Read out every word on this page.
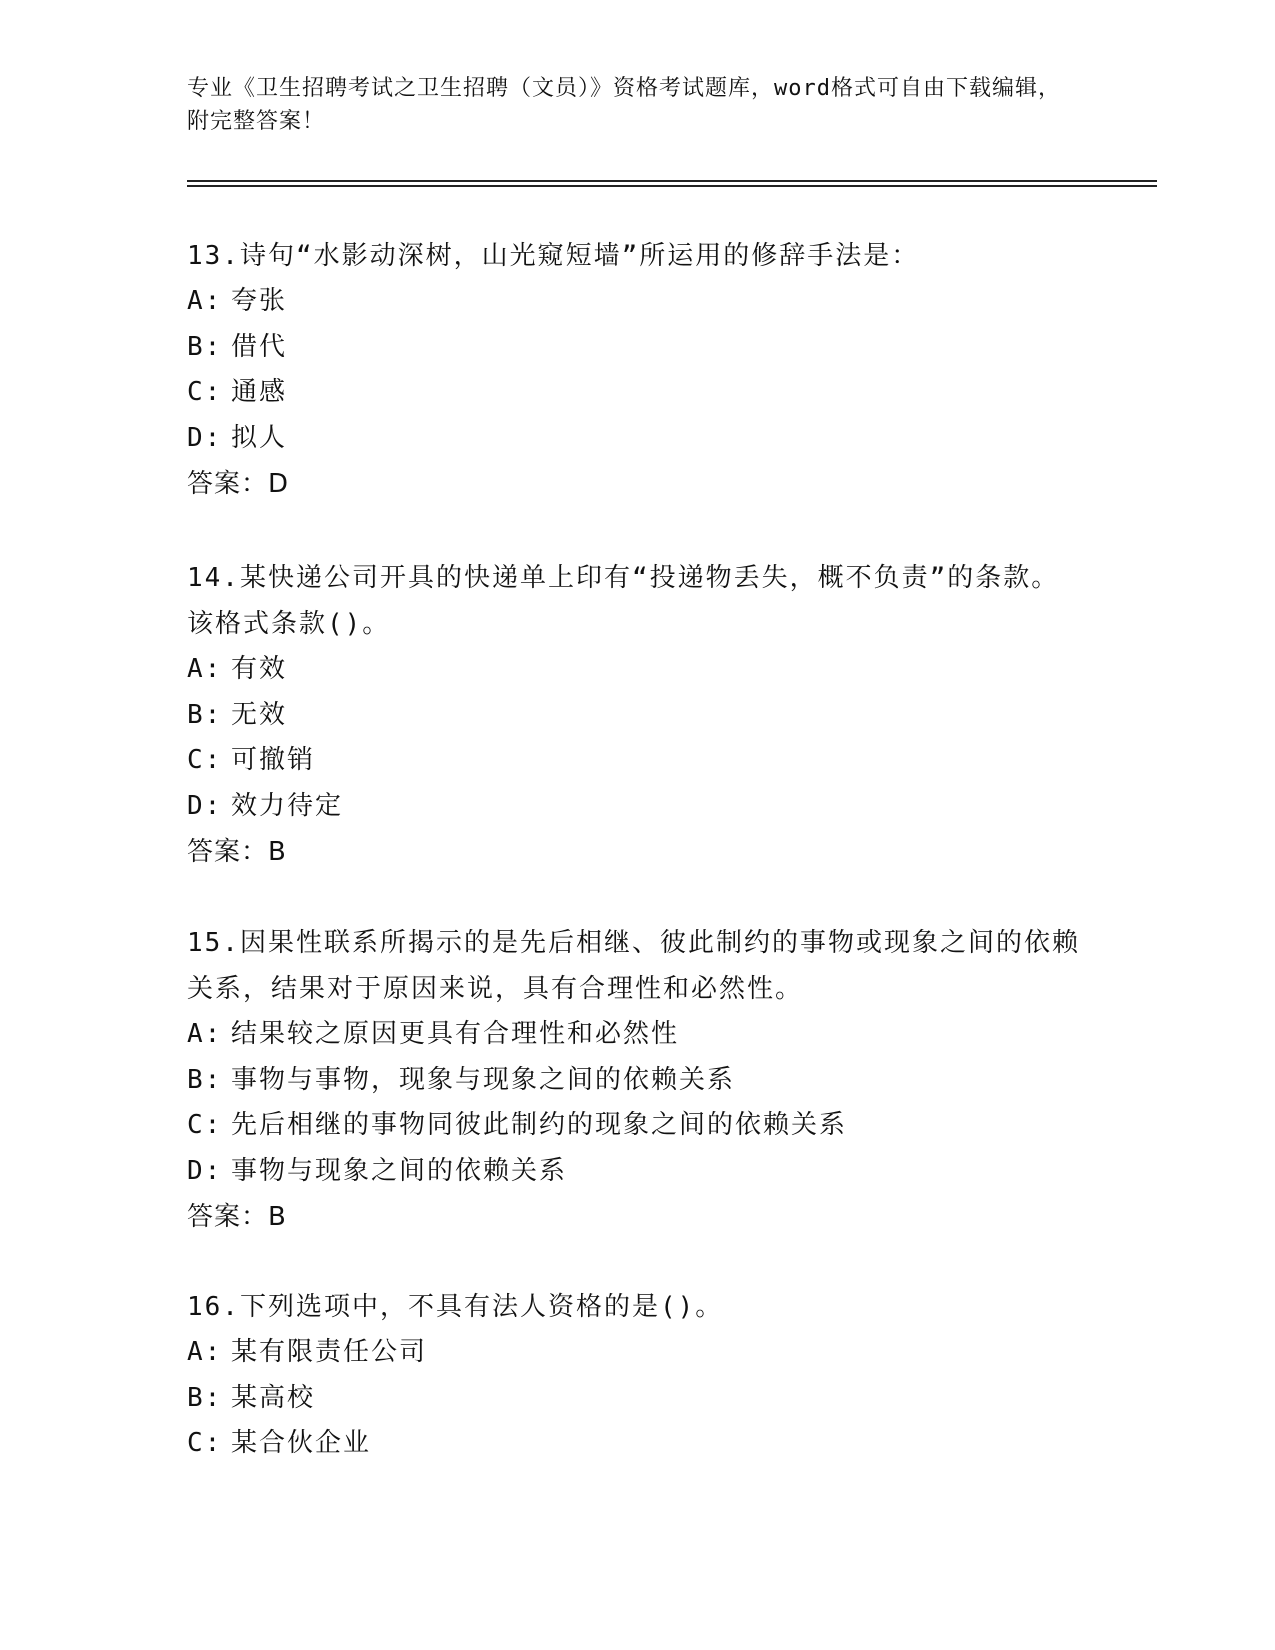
专业《卫生招聘考试之卫生招聘（文员）》资格考试题库，word格式可自由下载编辑，附完整答案！
13.诗句“水影动深树，山光窥短墙”所运用的修辞手法是：
A: 夸张
B: 借代
C: 通感
D: 拟人
答案：D
14.某快递公司开具的快递单上印有“投递物丢失，概不负责”的条款。该格式条款()。
A: 有效
B: 无效
C: 可撤销
D: 效力待定
答案：B
15.因果性联系所揭示的是先后相继、彼此制约的事物或现象之间的依赖关系，结果对于原因来说，具有合理性和必然性。
A: 结果较之原因更具有合理性和必然性
B: 事物与事物，现象与现象之间的依赖关系
C: 先后相继的事物同彼此制约的现象之间的依赖关系
D: 事物与现象之间的依赖关系
答案：B
16.下列选项中，不具有法人资格的是()。
A: 某有限责任公司
B: 某高校
C: 某合伙企业
